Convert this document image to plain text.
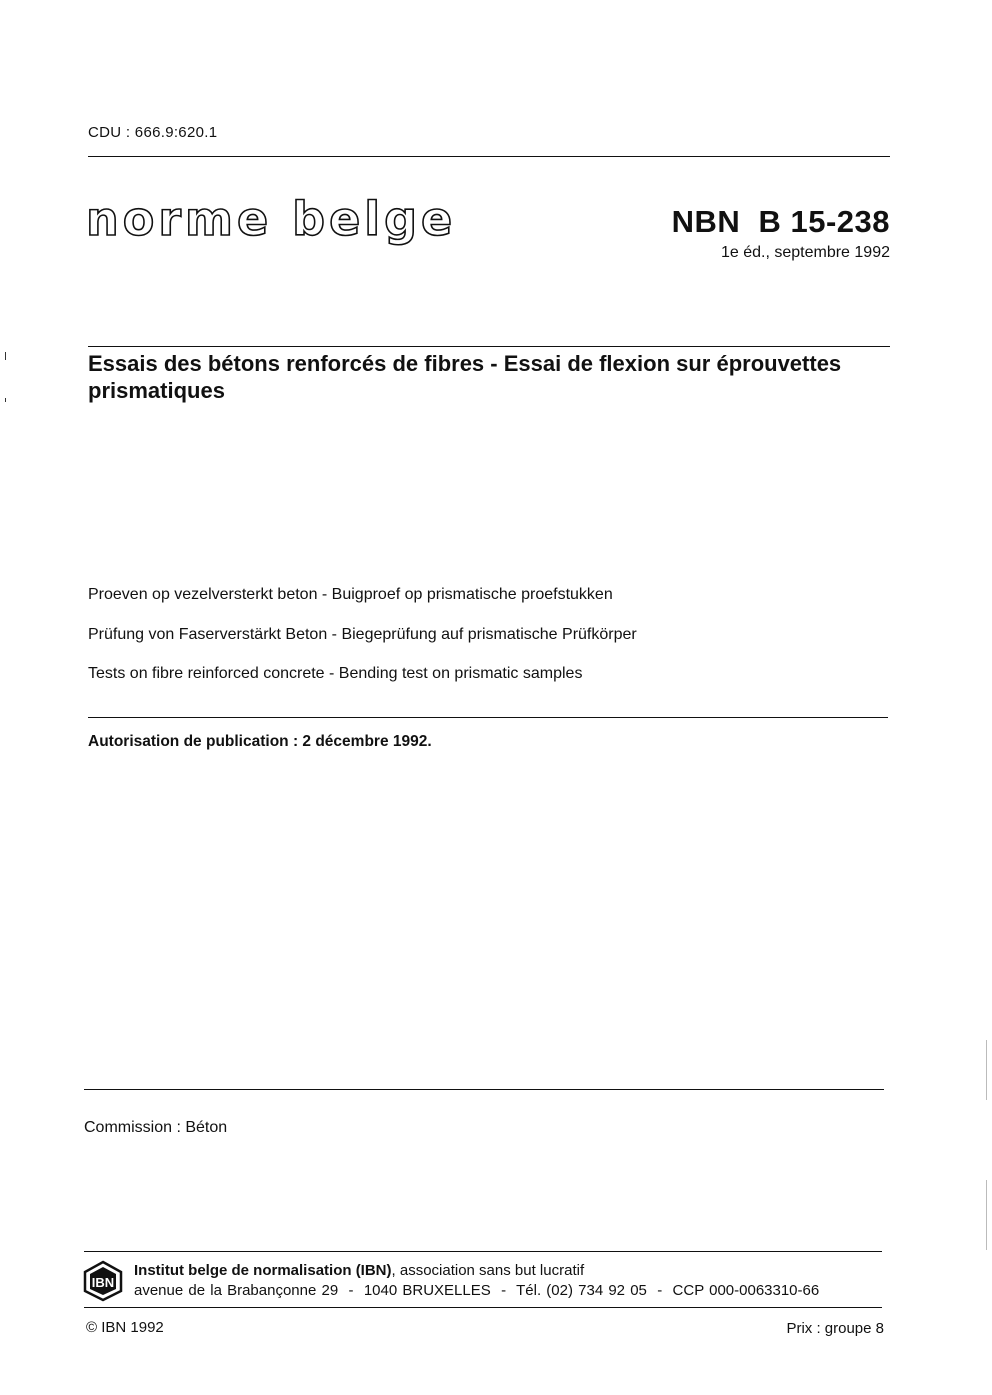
CDU : 666.9:620.1
norme belge	NBN  B 15-238
1e éd., septembre 1992
Essais des bétons renforcés de fibres - Essai de flexion sur éprouvettes prismatiques
Proeven op vezelversterkt beton - Buigproef op prismatische proefstukken
Prüfung von Faserverstärkt Beton - Biegeprüfung auf prismatische Prüfkörper
Tests on fibre reinforced concrete - Bending test on prismatic samples
Autorisation de publication : 2 décembre 1992.
Commission : Béton
IBN
Institut belge de normalisation (IBN), association sans but lucratif
avenue de la Brabançonne 29  -  1040 BRUXELLES  -  Tél. (02) 734 92 05  -  CCP 000-0063310-66
© IBN 1992	Prix : groupe 8
